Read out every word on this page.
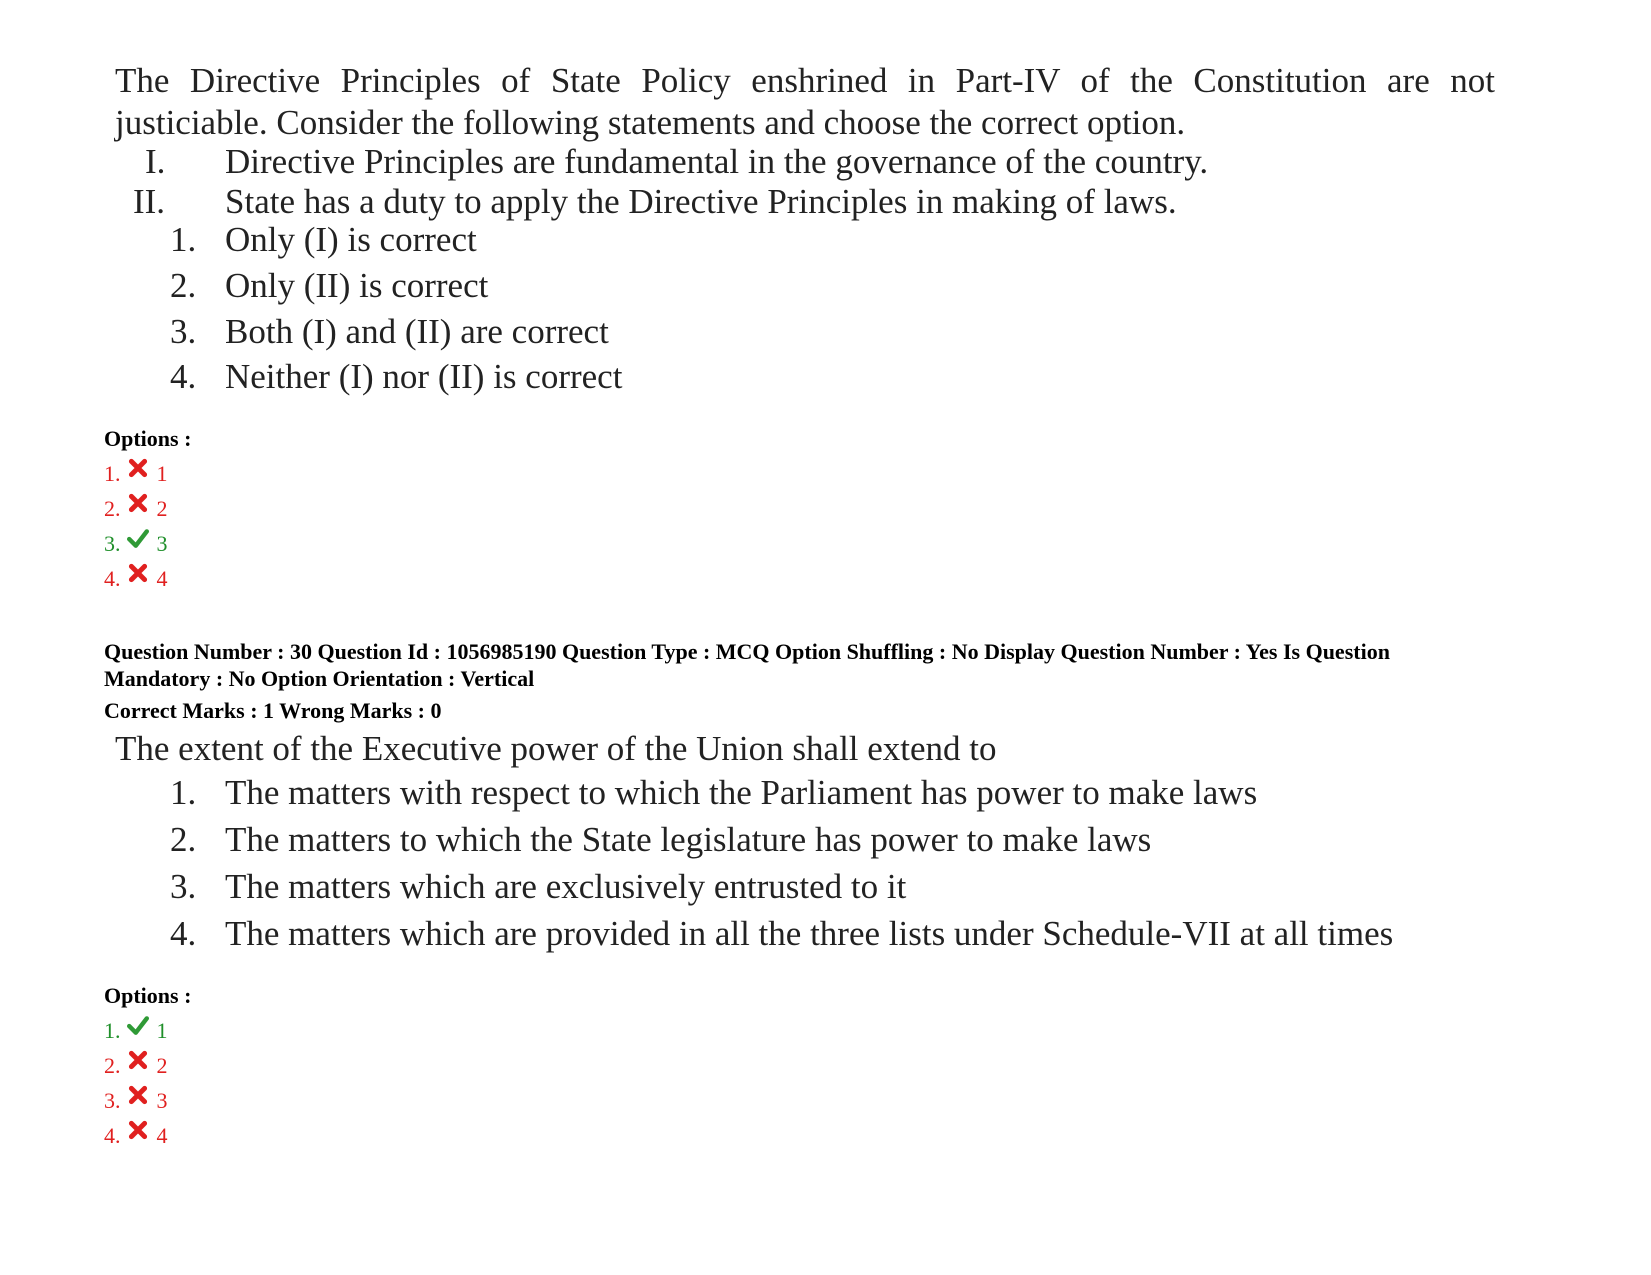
The Directive Principles of State Policy enshrined in Part-IV of the Constitution are not justiciable. Consider the following statements and choose the correct option.
I. Directive Principles are fundamental in the governance of the country.
II. State has a duty to apply the Directive Principles in making of laws.
1. Only (I) is correct
2. Only (II) is correct
3. Both (I) and (II) are correct
4. Neither (I) nor (II) is correct
Options :
1. 1
2. 2
3. 3
4. 4
Question Number : 30 Question Id : 1056985190 Question Type : MCQ Option Shuffling : No Display Question Number : Yes Is Question
Mandatory : No Option Orientation : Vertical
Correct Marks : 1 Wrong Marks : 0
The extent of the Executive power of the Union shall extend to
1. The matters with respect to which the Parliament has power to make laws
2. The matters to which the State legislature has power to make laws
3. The matters which are exclusively entrusted to it
4. The matters which are provided in all the three lists under Schedule-VII at all times
Options :
1. 1
2. 2
3. 3
4. 4
